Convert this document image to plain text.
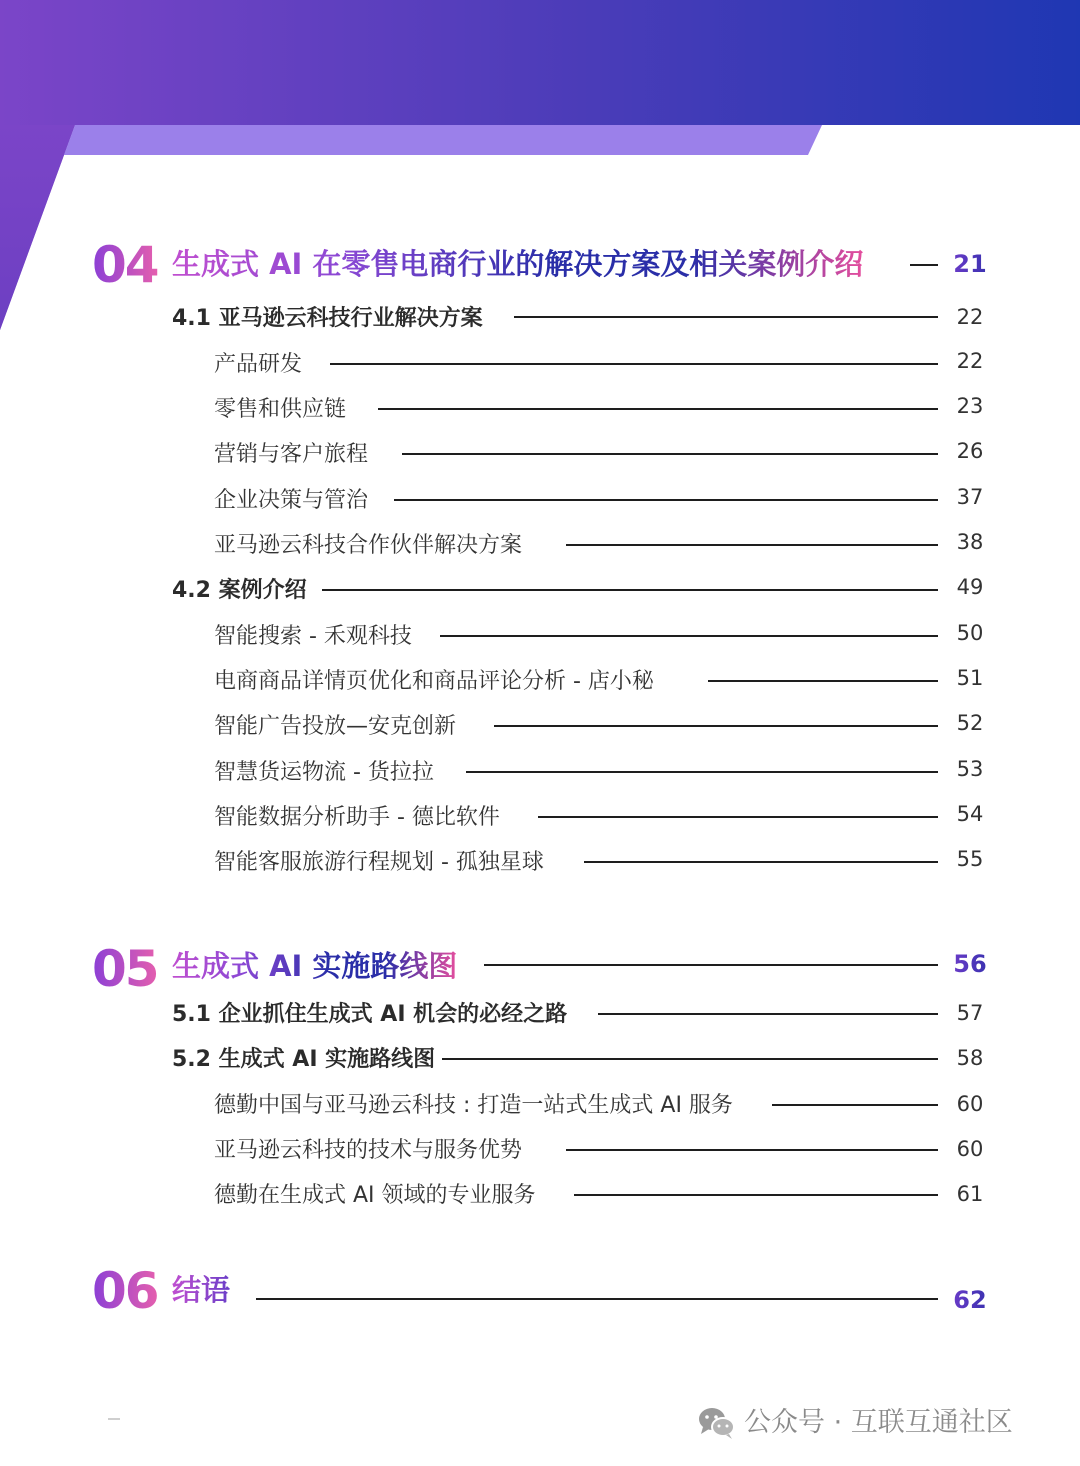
04 生成式 AI 在零售电商行业的解决方案及相关案例介绍	21
4.1 亚马逊云科技行业解决方案	22
产品研发	22
零售和供应链	23
营销与客户旅程	26
企业决策与管治	37
亚马逊云科技合作伙伴解决方案	38
4.2 案例介绍	49
智能搜索 - 禾观科技	50
电商商品详情页优化和商品评论分析 - 店小秘	51
智能广告投放—安克创新	52
智慧货运物流 - 货拉拉	53
智能数据分析助手 - 德比软件	54
智能客服旅游行程规划 - 孤独星球	55
05 生成式 AI 实施路线图	56
5.1 企业抓住生成式 AI 机会的必经之路	57
5.2 生成式 AI 实施路线图	58
德勤中国与亚马逊云科技 : 打造一站式生成式 AI 服务	60
亚马逊云科技的技术与服务优势	60
德勤在生成式 AI 领域的专业服务	61
06 结语	62
公众号 · 互联互通社区
